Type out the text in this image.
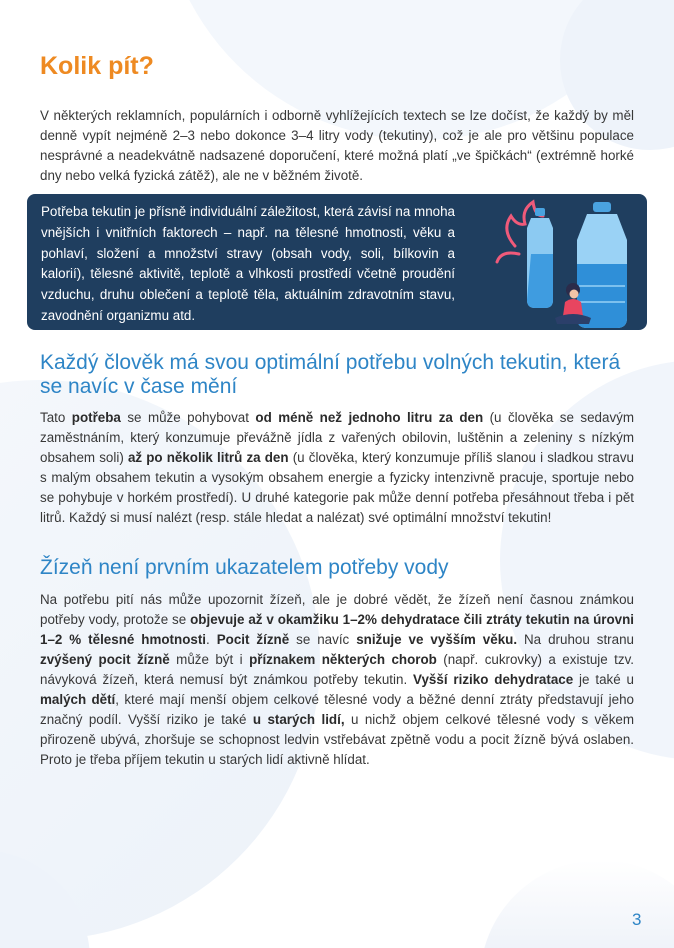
Kolik pít?

V některých reklamních, populárních i odborně vyhlížejících textech se lze dočíst, že každý by měl denně vypít nejméně 2–3 nebo dokonce 3–4 litry vody (tekutiny), což je ale pro většinu populace nesprávné a neadekvátně nadsazené doporučení, které možná platí „ve špičkách“ (extrémně horké dny nebo velká fyzická zátěž), ale ne v běžném životě.

Potřeba tekutin je přísně individuální záležitost, která závisí na mnoha vnějších i vnitřních faktorech – např. na tělesné hmotnosti, věku a pohlaví, složení a množství stravy (obsah vody, soli, bílkovin a kalorií), tělesné aktivitě, teplotě a vlhkosti prostředí včetně proudění vzduchu, druhu oblečení a teplotě těla, aktuálním zdravotním stavu, zavodnění organizmu atd.

Každý člověk má svou optimální potřebu volných tekutin, která se navíc v čase mění

Tato potřeba se může pohybovat od méně než jednoho litru za den (u člověka se sedavým zaměstnáním, který konzumuje převážně jídla z vařených obilovin, luštěnin a zeleniny s nízkým obsahem soli) až po několik litrů za den (u člověka, který konzumuje příliš slanou i sladkou stravu s malým obsahem tekutin a vysokým obsahem energie a fyzicky intenzivně pracuje, sportuje nebo se pohybuje v horkém prostředí). U druhé kategorie pak může denní potřeba přesáhnout třeba i pět litrů. Každý si musí nalézt (resp. stále hledat a nalézat) své optimální množství tekutin!

Žízeň není prvním ukazatelem potřeby vody

Na potřebu pití nás může upozornit žízeň, ale je dobré vědět, že žízeň není časnou známkou potřeby vody, protože se objevuje až v okamžiku 1–2% dehydratace čili ztráty tekutin na úrovni 1–2 % tělesné hmotnosti. Pocit žízně se navíc snižuje ve vyšším věku. Na druhou stranu zvýšený pocit žízně může být i příznakem některých chorob (např. cukrovky) a existuje tzv. návyková žízeň, která nemusí být známkou potřeby tekutin. Vyšší riziko dehydratace je také u malých dětí, které mají menší objem celkové tělesné vody a běžné denní ztráty představují jeho značný podíl. Vyšší riziko je také u starých lidí, u nichž objem celkové tělesné vody s věkem přirozeně ubývá, zhoršuje se schopnost ledvin vstřebávat zpětně vodu a pocit žízně bývá oslaben. Proto je třeba příjem tekutin u starých lidí aktivně hlídat.

3
